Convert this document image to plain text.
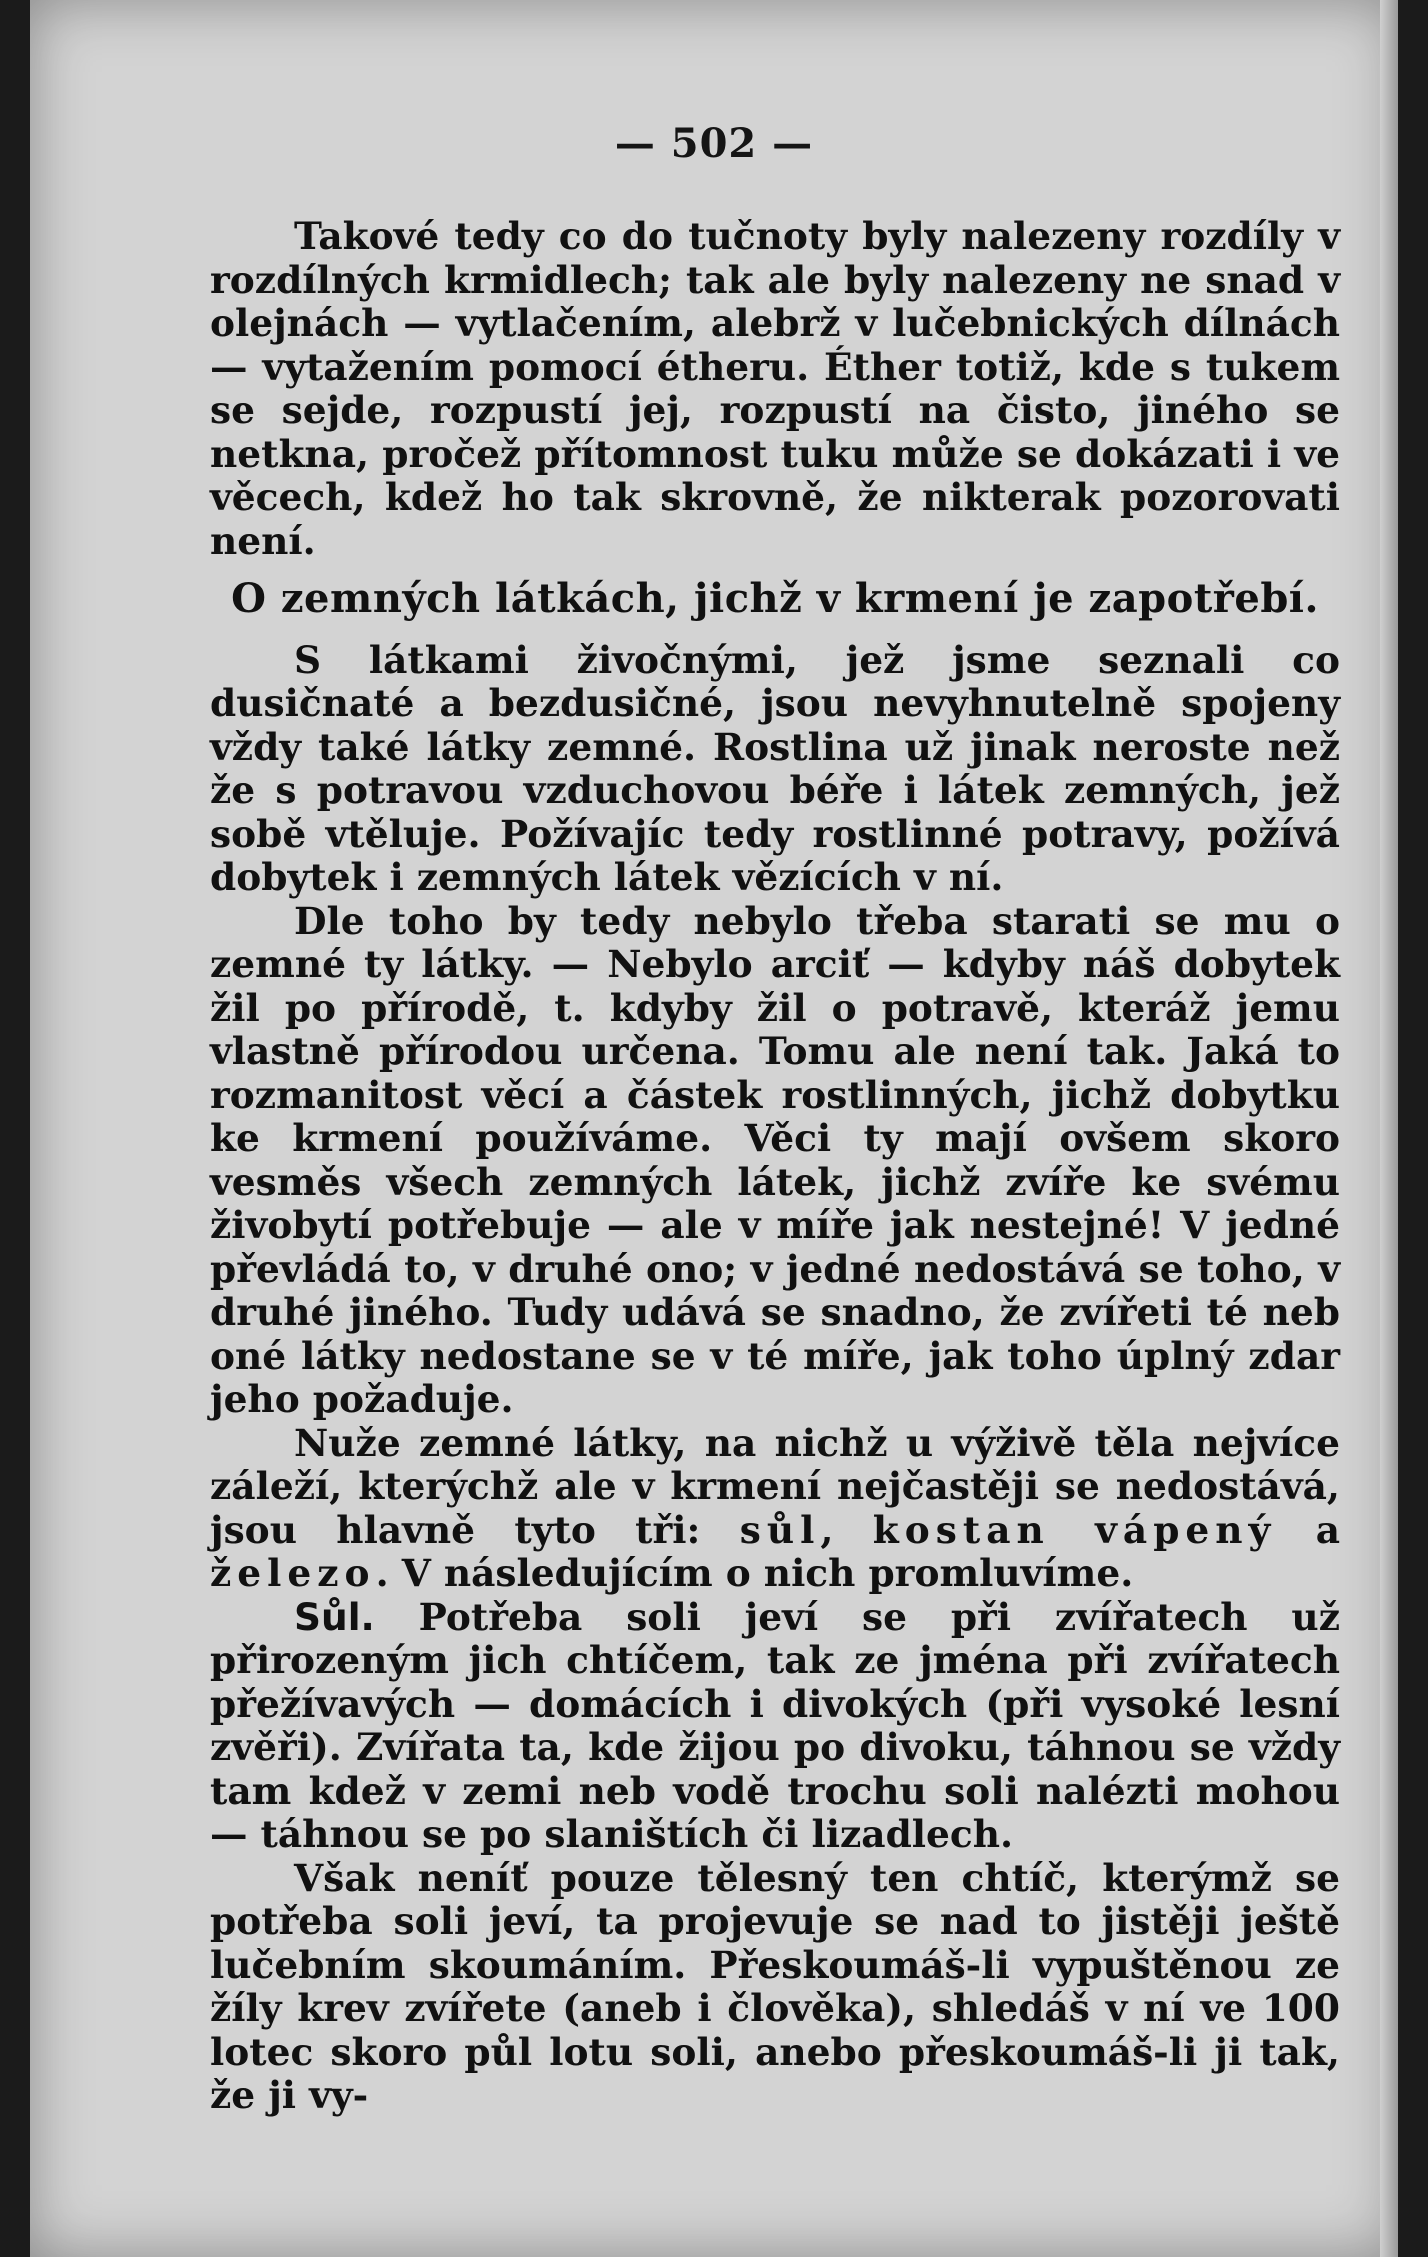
— 502 —

Takové tedy co do tučnoty byly nalezeny rozdíly v rozdílných krmidlech; tak ale byly nalezeny ne snad v olejnách — vytlačením, alebrž v lučebnických dílnách — vytažením pomocí étheru. Éther totiž, kde s tukem se sejde, rozpustí jej, rozpustí na čisto, jiného se netkna, pročež přítomnost tuku může se dokázati i ve věcech, kdež ho tak skrovně, že nikterak pozorovati není.

O zemných látkách, jichž v krmení je zapotřebí.

S látkami živočnými, jež jsme seznali co dusičnaté a bezdusičné, jsou nevyhnutelně spojeny vždy také látky zemné. Rostlina už jinak neroste než že s potravou vzduchovou béře i látek zemných, jež sobě vtěluje. Požívajíc tedy rostlinné potravy, požívá dobytek i zemných látek vězících v ní.

Dle toho by tedy nebylo třeba starati se mu o zemné ty látky. — Nebylo arciť — kdyby náš dobytek žil po přírodě, t. kdyby žil o potravě, kteráž jemu vlastně přírodou určena. Tomu ale není tak. Jaká to rozmanitost věcí a částek rostlinných, jichž dobytku ke krmení používáme. Věci ty mají ovšem skoro vesměs všech zemných látek, jichž zvíře ke svému živobytí potřebuje — ale v míře jak nestejné! V jedné převládá to, v druhé ono; v jedné nedostává se toho, v druhé jiného. Tudy udává se snadno, že zvířeti té neb oné látky nedostane se v té míře, jak toho úplný zdar jeho požaduje.

Nuže zemné látky, na nichž u výživě těla nejvíce záleží, kterýchž ale v krmení nejčastěji se nedostává, jsou hlavně tyto tři: sůl, kostan vápený a železo. V následujícím o nich promluvíme.

Sůl. Potřeba soli jeví se při zvířatech už přirozeným jich chtíčem, tak ze jména při zvířatech přežívavých — domácích i divokých (při vysoké lesní zvěři). Zvířata ta, kde žijou po divoku, táhnou se vždy tam kdež v zemi neb vodě trochu soli nalézti mohou — táhnou se po slaništích či lizadlech.

Však neníť pouze tělesný ten chtíč, kterýmž se potřeba soli jeví, ta projevuje se nad to jistěji ještě lučebním skoumáním. Přeskoumáš-li vypuštěnou ze žíly krev zvířete (aneb i člověka), shledáš v ní ve 100 lotec skoro půl lotu soli, anebo přeskoumáš-li ji tak, že ji vy-
